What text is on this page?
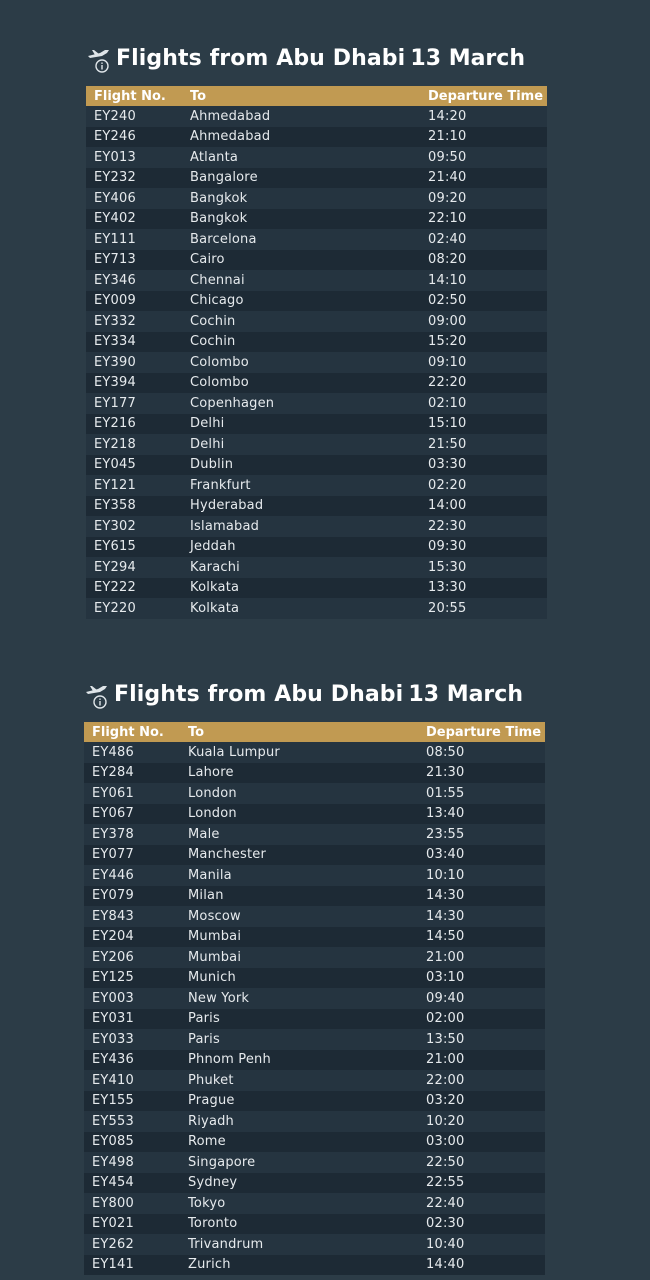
Flights from Abu Dhabi 13 March
Flight No.	To	Departure Time
EY240	Ahmedabad	14:20
EY246	Ahmedabad	21:10
EY013	Atlanta	09:50
EY232	Bangalore	21:40
EY406	Bangkok	09:20
EY402	Bangkok	22:10
EY111	Barcelona	02:40
EY713	Cairo	08:20
EY346	Chennai	14:10
EY009	Chicago	02:50
EY332	Cochin	09:00
EY334	Cochin	15:20
EY390	Colombo	09:10
EY394	Colombo	22:20
EY177	Copenhagen	02:10
EY216	Delhi	15:10
EY218	Delhi	21:50
EY045	Dublin	03:30
EY121	Frankfurt	02:20
EY358	Hyderabad	14:00
EY302	Islamabad	22:30
EY615	Jeddah	09:30
EY294	Karachi	15:30
EY222	Kolkata	13:30
EY220	Kolkata	20:55
Flights from Abu Dhabi 13 March
Flight No.	To	Departure Time
EY486	Kuala Lumpur	08:50
EY284	Lahore	21:30
EY061	London	01:55
EY067	London	13:40
EY378	Male	23:55
EY077	Manchester	03:40
EY446	Manila	10:10
EY079	Milan	14:30
EY843	Moscow	14:30
EY204	Mumbai	14:50
EY206	Mumbai	21:00
EY125	Munich	03:10
EY003	New York	09:40
EY031	Paris	02:00
EY033	Paris	13:50
EY436	Phnom Penh	21:00
EY410	Phuket	22:00
EY155	Prague	03:20
EY553	Riyadh	10:20
EY085	Rome	03:00
EY498	Singapore	22:50
EY454	Sydney	22:55
EY800	Tokyo	22:40
EY021	Toronto	02:30
EY262	Trivandrum	10:40
EY141	Zurich	14:40
